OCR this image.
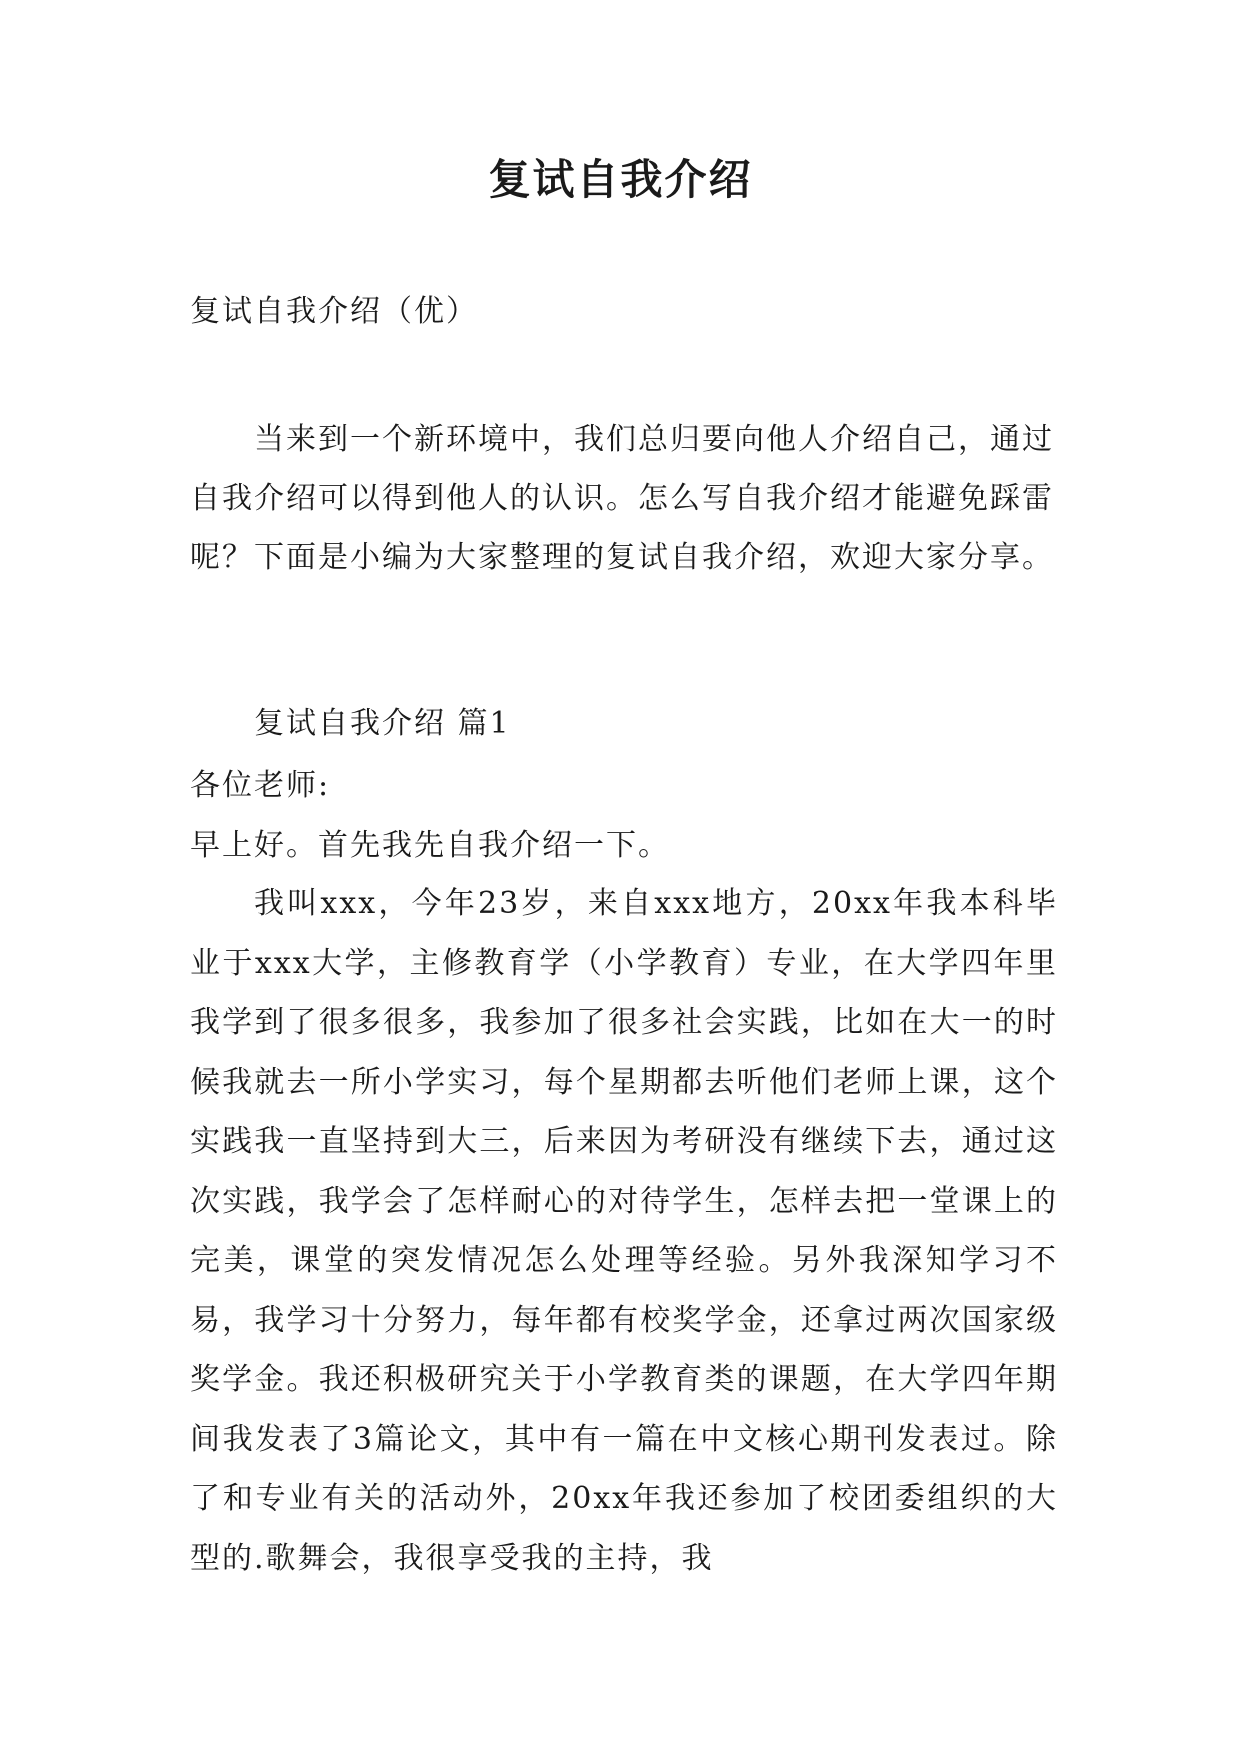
复试自我介绍

复试自我介绍（优）

当来到一个新环境中，我们总归要向他人介绍自己，通过自我介绍可以得到他人的认识。怎么写自我介绍才能避免踩雷呢？下面是小编为大家整理的复试自我介绍，欢迎大家分享。

复试自我介绍 篇1

各位老师:

早上好。首先我先自我介绍一下。

我叫xxx，今年23岁，来自xxx地方，20xx年我本科毕业于xxx大学，主修教育学（小学教育）专业，在大学四年里我学到了很多很多，我参加了很多社会实践，比如在大一的时候我就去一所小学实习，每个星期都去听他们老师上课，这个实践我一直坚持到大三，后来因为考研没有继续下去，通过这次实践，我学会了怎样耐心的对待学生，怎样去把一堂课上的完美，课堂的突发情况怎么处理等经验。另外我深知学习不易，我学习十分努力，每年都有校奖学金，还拿过两次国家级奖学金。我还积极研究关于小学教育类的课题，在大学四年期间我发表了3篇论文，其中有一篇在中文核心期刊发表过。除了和专业有关的活动外，20xx年我还参加了校团委组织的大型的.歌舞会，我很享受我的主持，我
